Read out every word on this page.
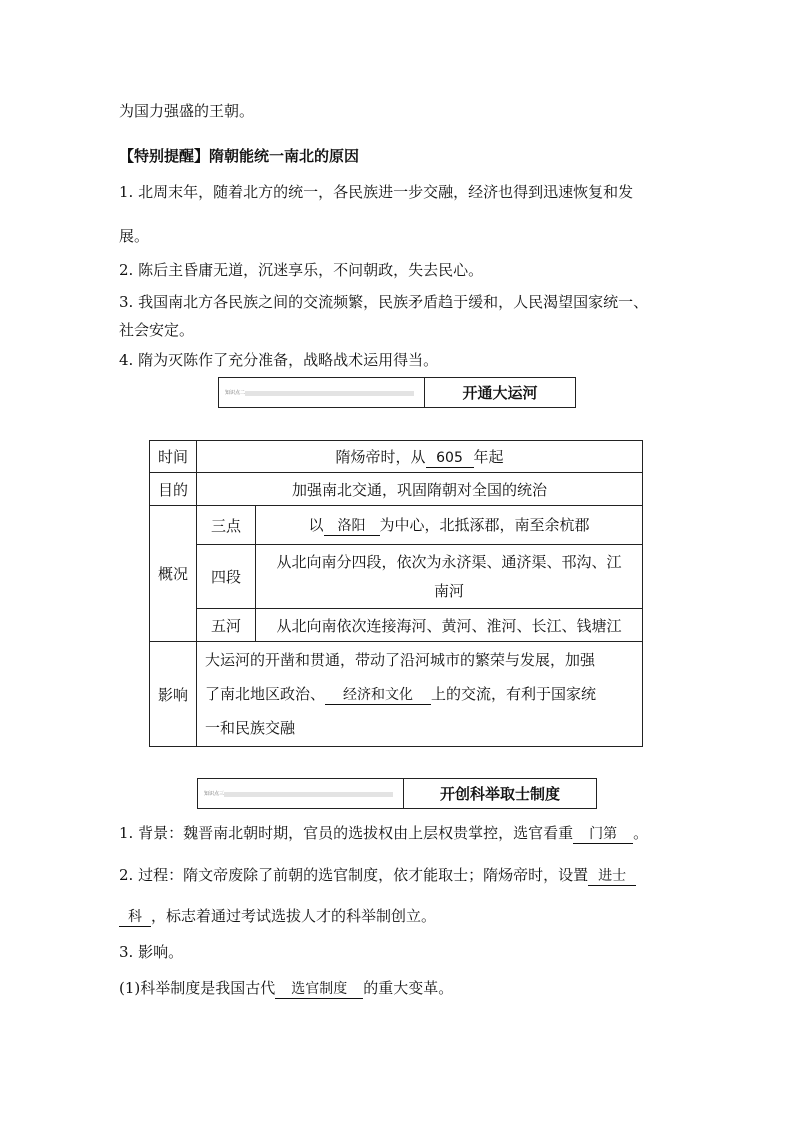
为国力强盛的王朝。
【特别提醒】隋朝能统一南北的原因
1. 北周末年，随着北方的统一，各民族进一步交融，经济也得到迅速恢复和发
展。
2. 陈后主昏庸无道，沉迷享乐，不问朝政，失去民心。
3. 我国南北方各民族之间的交流频繁，民族矛盾趋于缓和，人民渴望国家统一、
社会安定。
4. 隋为灭陈作了充分准备，战略战术运用得当。
知识点二	开通大运河
时间	隋炀帝时，从 605 年起	
目的	加强南北交通，巩固隋朝对全国的统治	
概况	三点	以 洛阳 为中心，北抵涿郡，南至余杭郡
	四段	从北向南分四段，依次为永济渠、通济渠、邗沟、江
南河

	五河	从北向南依次连接海河、黄河、淮河、长江、钱塘江
影响	大运河的开凿和贯通，带动了沿河城市的繁荣与发展，加强
了南北地区政治、 经济和文化 上的交流，有利于国家统
一和民族交融	
知识点三	开创科举取士制度
1. 背景：魏晋南北朝时期，官员的选拔权由上层权贵掌控，选官看重 门第 。
2. 过程：隋文帝废除了前朝的选官制度，依才能取士；隋炀帝时，设置 进士
科 ，标志着通过考试选拔人才的科举制创立。
3. 影响。
(1)科举制度是我国古代 选官制度 的重大变革。
